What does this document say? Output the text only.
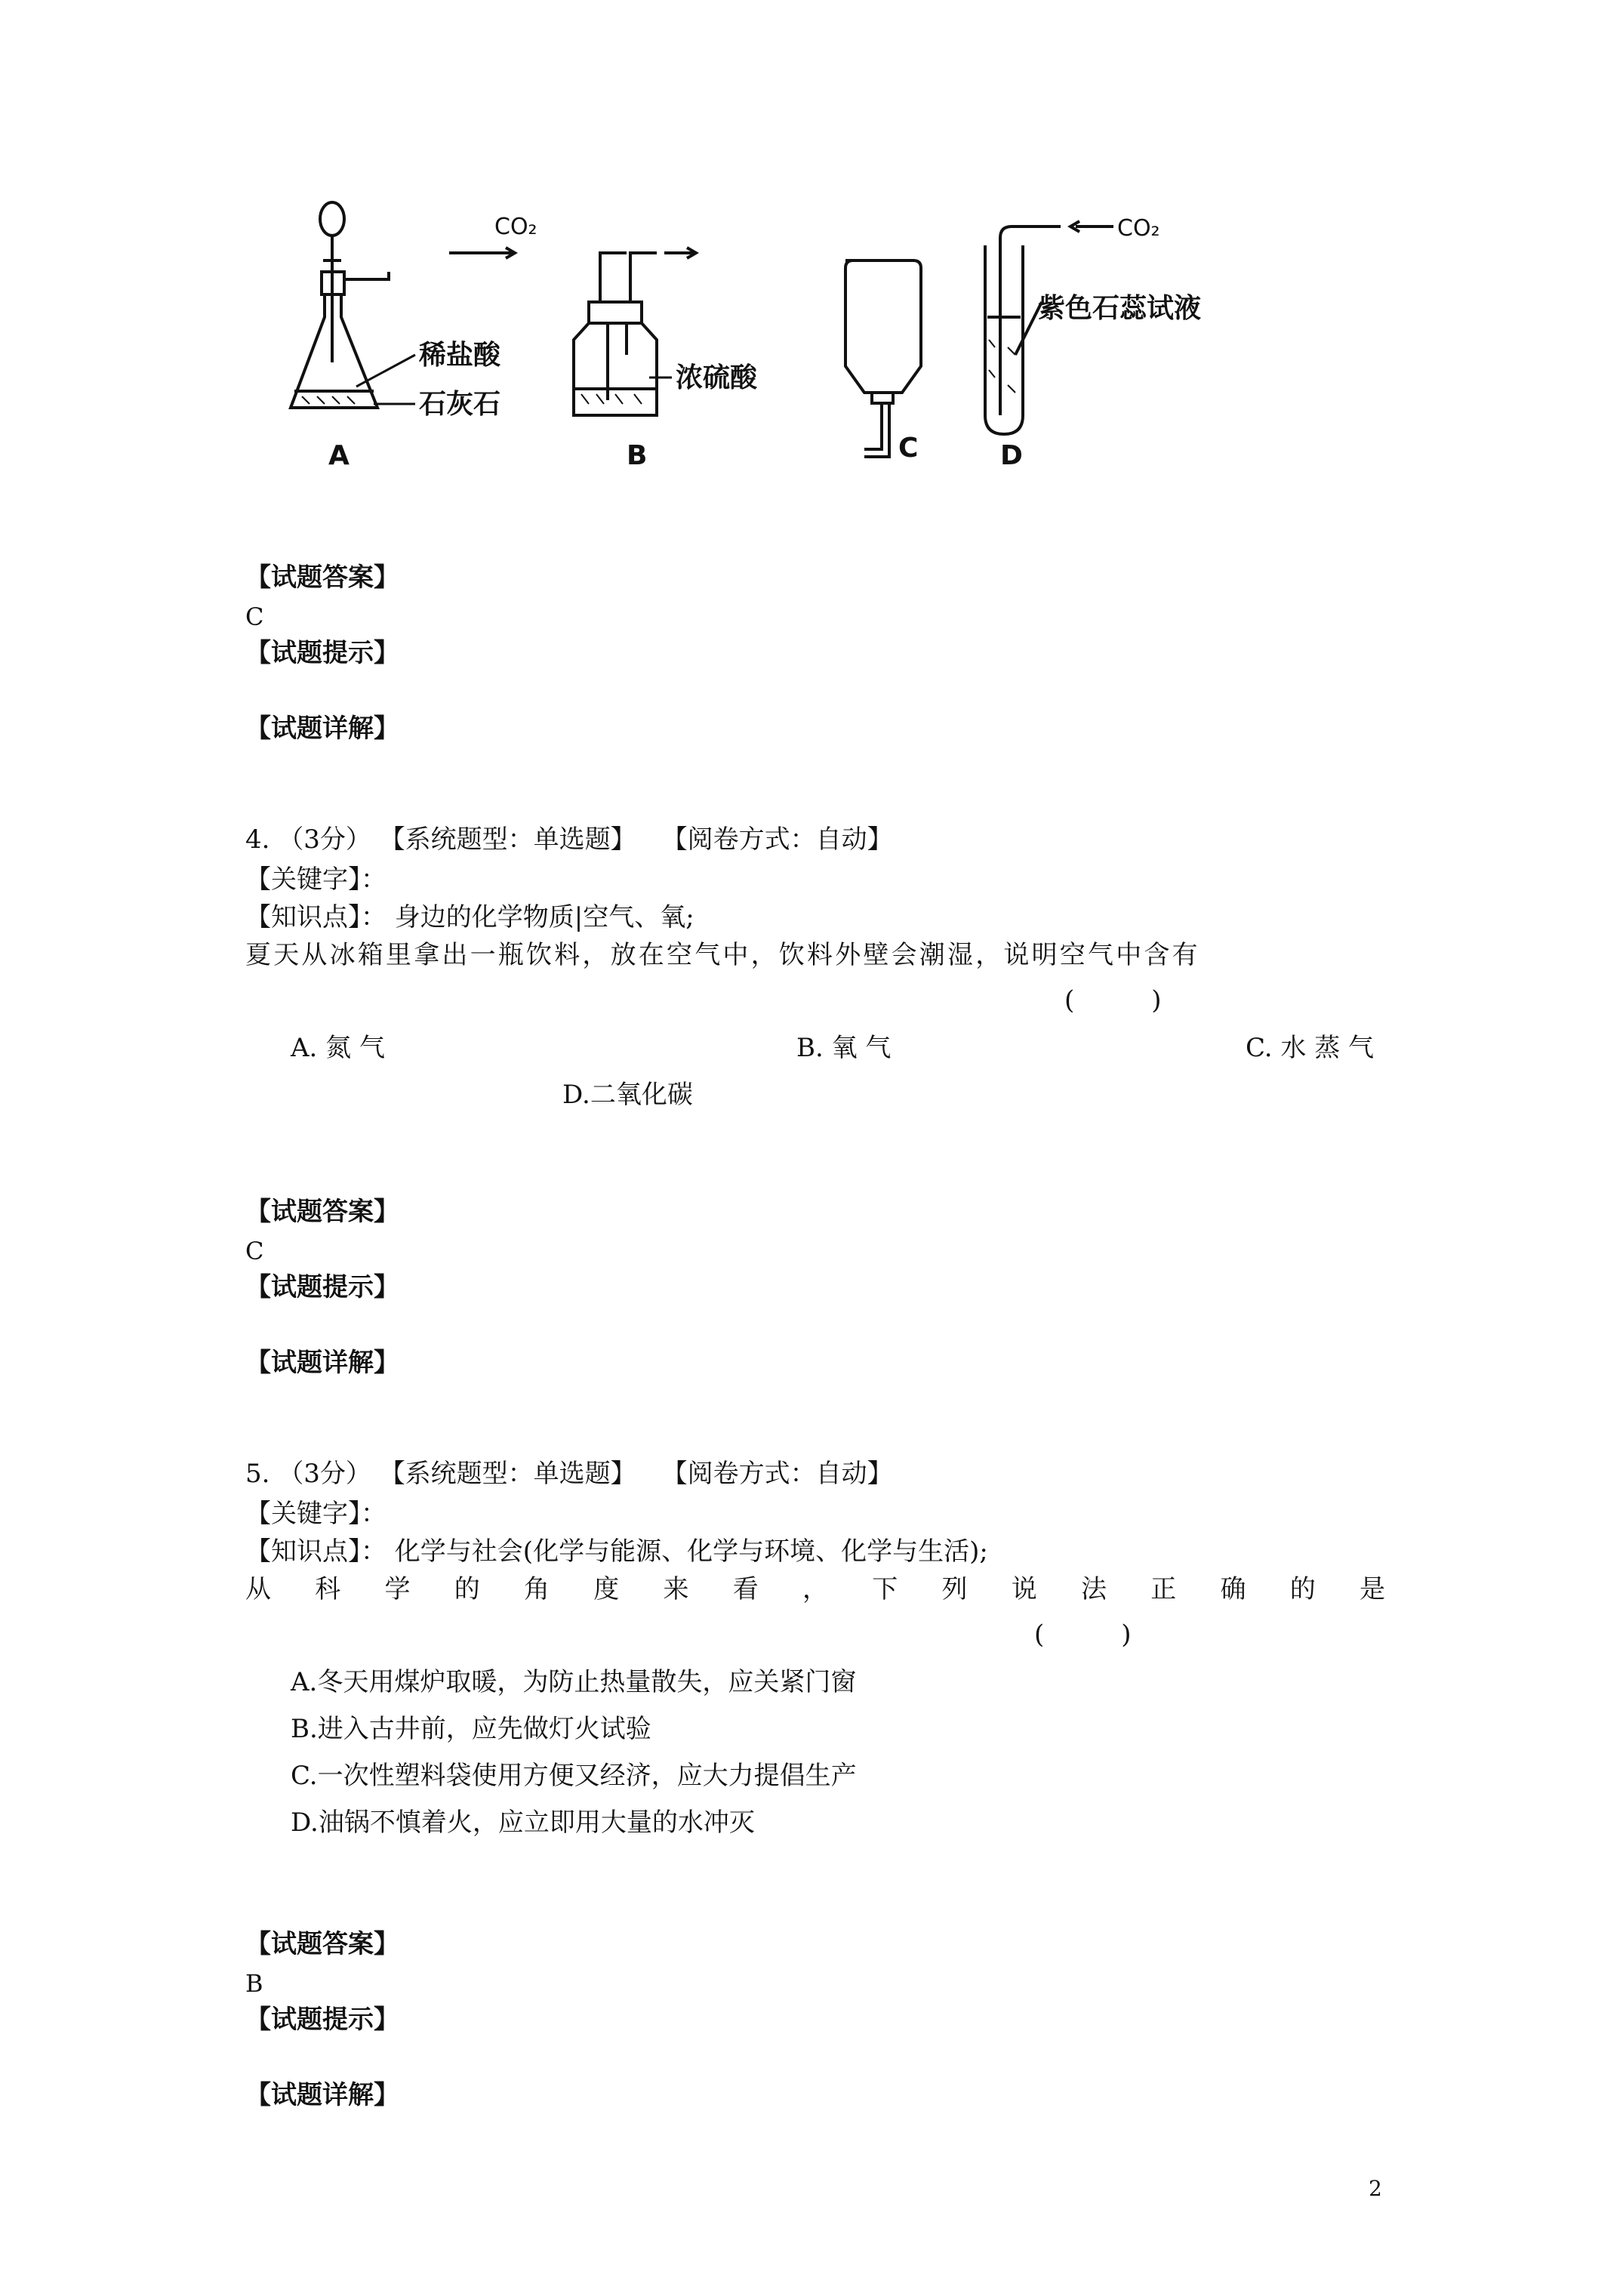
稀盐酸
石灰石
浓硫酸
紫色石蕊试液
CO₂	CO₂
A	B	C	D
【试题答案】
C
【试题提示】
【试题详解】
4. （3分） 【系统题型：单选题】　　【阅卷方式：自动】
【关键字】：
【知识点】： 身边的化学物质|空气、氧;
夏天从冰箱里拿出一瓶饮料，放在空气中，饮料外壁会潮湿，说明空气中含有
(　　　)
A. 氮 气	B. 氧 气	C. 水 蒸 气
D.二氧化碳
【试题答案】
C
【试题提示】
【试题详解】
5. （3分） 【系统题型：单选题】　　【阅卷方式：自动】
【关键字】：
【知识点】： 化学与社会(化学与能源、化学与环境、化学与生活);
从 科 学 的 角 度 来 看 ， 下 列 说 法 正 确 的 是
(　　　)
A.冬天用煤炉取暖，为防止热量散失，应关紧门窗
B.进入古井前，应先做灯火试验
C.一次性塑料袋使用方便又经济，应大力提倡生产
D.油锅不慎着火，应立即用大量的水冲灭
【试题答案】
B
【试题提示】
【试题详解】
2
